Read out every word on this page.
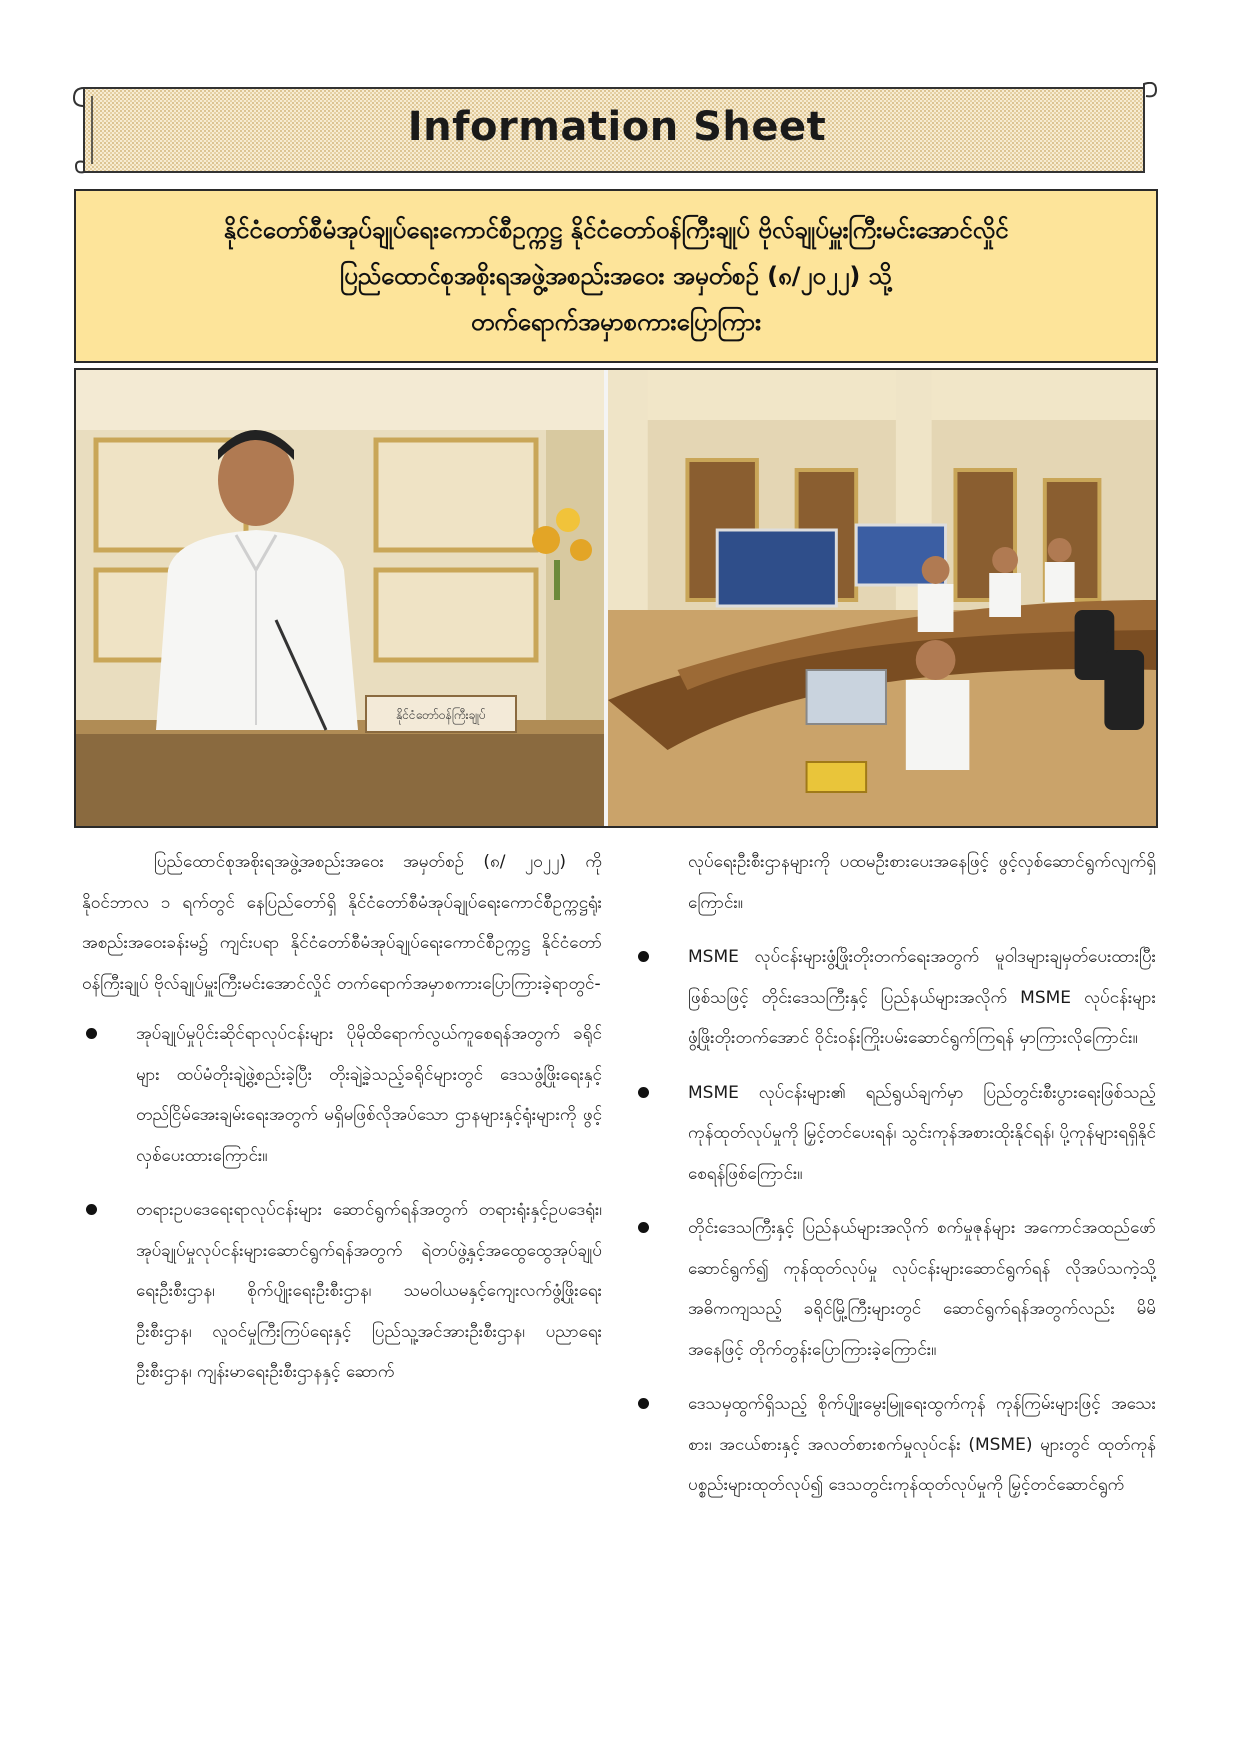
Information Sheet
နိုင်ငံတော်စီမံအုပ်ချုပ်ရေးကောင်စီဥက္ကဋ္ဌ နိုင်ငံတော်ဝန်ကြီးချုပ် ဗိုလ်ချုပ်မှူးကြီးမင်းအောင်လှိုင်
ပြည်ထောင်စုအစိုးရအဖွဲ့အစည်းအဝေး အမှတ်စဉ် (၈/၂၀၂၂) သို့
တက်ရောက်အမှာစကားပြောကြား
နိုင်ငံတော်ဝန်ကြီးချုပ်

ပြည်ထောင်စုအစိုးရအဖွဲ့အစည်းအဝေး အမှတ်စဉ် (၈/ ၂၀၂၂) ကို နိုဝင်ဘာလ ၁ ရက်တွင် နေပြည်တော်ရှိ နိုင်ငံတော်စီမံအုပ်ချုပ်ရေးကောင်စီဥက္ကဋ္ဌရုံး အစည်းအဝေးခန်းမ၌ ကျင်းပရာ နိုင်ငံတော်စီမံအုပ်ချုပ်ရေးကောင်စီဥက္ကဋ္ဌ နိုင်ငံတော်ဝန်ကြီးချုပ် ဗိုလ်ချုပ်မှူးကြီးမင်းအောင်လှိုင် တက်ရောက်အမှာစကားပြောကြားခဲ့ရာတွင်-

အုပ်ချုပ်မှုပိုင်းဆိုင်ရာလုပ်ငန်းများ ပိုမိုထိရောက်လွယ်ကူစေရန်အတွက် ခရိုင်များ ထပ်မံတိုးချဲ့ဖွဲ့စည်းခဲ့ပြီး တိုးချဲ့ခဲ့သည့်ခရိုင်များတွင် ဒေသဖွံ့ဖြိုးရေးနှင့် တည်ငြိမ်အေးချမ်းရေးအတွက် မရှိမဖြစ်လိုအပ်သော ဌာနများနှင့်ရုံးများကို ဖွင့်လှစ်ပေးထားကြောင်း။
တရားဥပဒေရေးရာလုပ်ငန်းများ ဆောင်ရွက်ရန်အတွက် တရားရုံးနှင့်ဥပဒေရုံး၊ အုပ်ချုပ်မှုလုပ်ငန်းများဆောင်ရွက်ရန်အတွက် ရဲတပ်ဖွဲ့နှင့်အထွေထွေအုပ်ချုပ်ရေးဦးစီးဌာန၊ စိုက်ပျိုးရေးဦးစီးဌာန၊ သမဝါယမနှင့်ကျေးလက်ဖွံ့ဖြိုးရေးဦးစီးဌာန၊ လူဝင်မှုကြီးကြပ်ရေးနှင့် ပြည်သူ့အင်အားဦးစီးဌာန၊ ပညာရေးဦးစီးဌာန၊ ကျန်းမာရေးဦးစီးဌာနနှင့် ဆောက်

လုပ်ရေးဦးစီးဌာနများကို ပထမဦးစားပေးအနေဖြင့် ဖွင့်လှစ်ဆောင်ရွက်လျက်ရှိကြောင်း။

MSME လုပ်ငန်းများဖွံ့ဖြိုးတိုးတက်ရေးအတွက် မူဝါဒများချမှတ်ပေးထားပြီးဖြစ်သဖြင့် တိုင်းဒေသကြီးနှင့် ပြည်နယ်များအလိုက် MSME လုပ်ငန်းများ ဖွံ့ဖြိုးတိုးတက်အောင် ဝိုင်းဝန်းကြိုးပမ်းဆောင်ရွက်ကြရန် မှာကြားလိုကြောင်း။
MSME လုပ်ငန်းများ၏ ရည်ရွယ်ချက်မှာ ပြည်တွင်းစီးပွားရေးဖြစ်သည့် ကုန်ထုတ်လုပ်မှုကို မြှင့်တင်ပေးရန်၊ သွင်းကုန်အစားထိုးနိုင်ရန်၊ ပို့ကုန်များရရှိနိုင်စေရန်ဖြစ်ကြောင်း။
တိုင်းဒေသကြီးနှင့် ပြည်နယ်များအလိုက် စက်မှုဇုန်များ အကောင်အထည်ဖော် ဆောင်ရွက်၍ ကုန်ထုတ်လုပ်မှု လုပ်ငန်းများဆောင်ရွက်ရန် လိုအပ်သကဲ့သို့ အဓိကကျသည့် ခရိုင်မြို့ကြီးများတွင် ဆောင်ရွက်ရန်အတွက်လည်း မိမိအနေဖြင့် တိုက်တွန်းပြောကြားခဲ့ကြောင်း။
ဒေသမှထွက်ရှိသည့် စိုက်ပျိုးမွေးမြူရေးထွက်ကုန် ကုန်ကြမ်းများဖြင့် အသေးစား၊ အငယ်စားနှင့် အလတ်စားစက်မှုလုပ်ငန်း (MSME) များတွင် ထုတ်ကုန်ပစ္စည်းများထုတ်လုပ်၍ ဒေသတွင်းကုန်ထုတ်လုပ်မှုကို မြှင့်တင်ဆောင်ရွက်
